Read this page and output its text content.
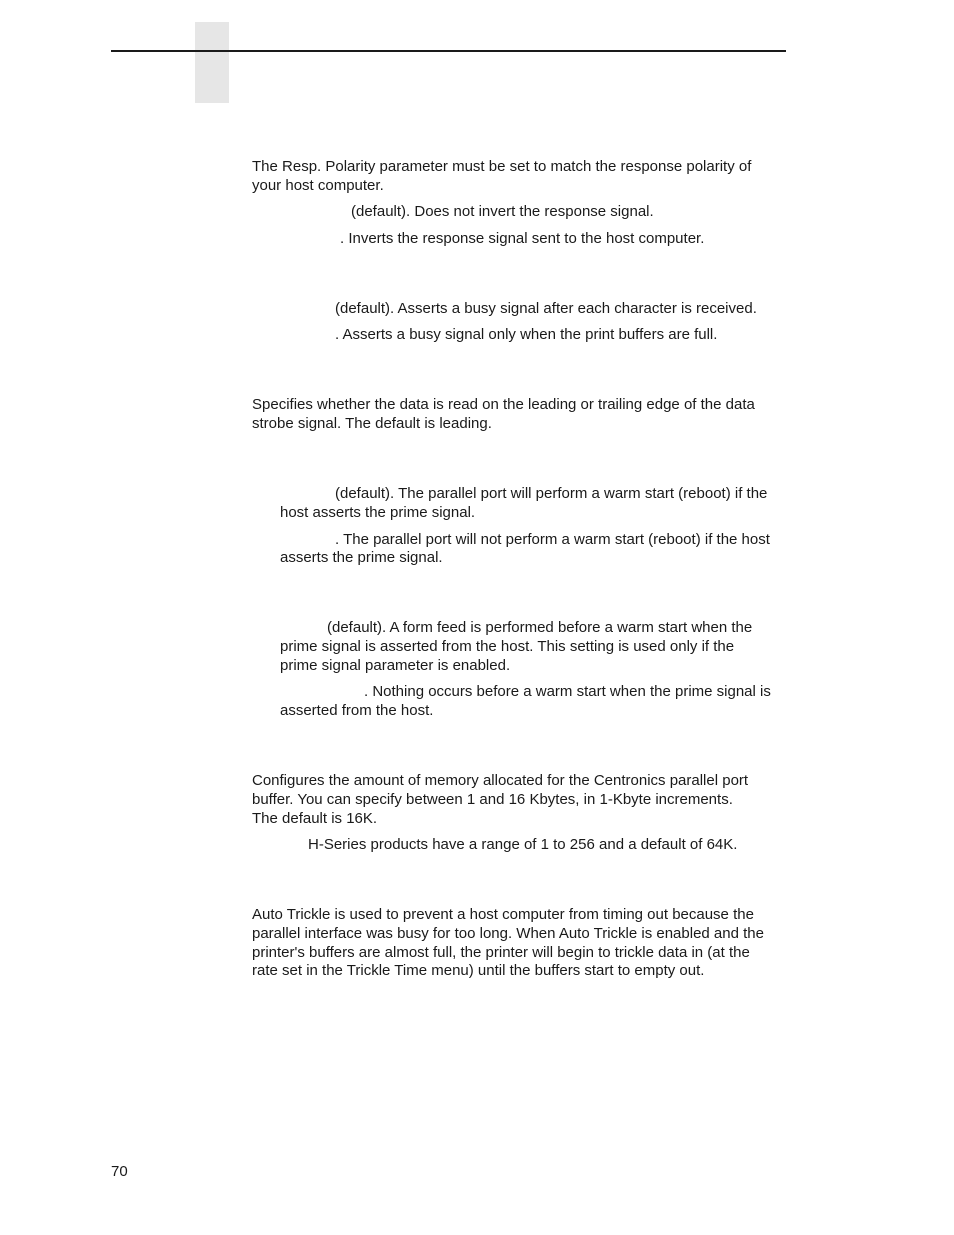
The Resp. Polarity parameter must be set to match the response polarity of

your host computer.

(default). Does not invert the response signal.

. Inverts the response signal sent to the host computer.

(default). Asserts a busy signal after each character is received.

. Asserts a busy signal only when the print buffers are full.

Specifies whether the data is read on the leading or trailing edge of the data

strobe signal. The default is leading.

(default). The parallel port will perform a warm start (reboot) if the

host asserts the prime signal.

. The parallel port will not perform a warm start (reboot) if the host

asserts the prime signal.

(default). A form feed is performed before a warm start when the

prime signal is asserted from the host. This setting is used only if the

prime signal parameter is enabled.

. Nothing occurs before a warm start when the prime signal is

asserted from the host.

Configures the amount of memory allocated for the Centronics parallel port

buffer. You can specify between 1 and 16 Kbytes, in 1-Kbyte increments.

The default is 16K.

H-Series products have a range of 1 to 256 and a default of 64K.

Auto Trickle is used to prevent a host computer from timing out because the

parallel interface was busy for too long. When Auto Trickle is enabled and the

printer's buffers are almost full, the printer will begin to trickle data in (at the

rate set in the Trickle Time menu) until the buffers start to empty out.

70
